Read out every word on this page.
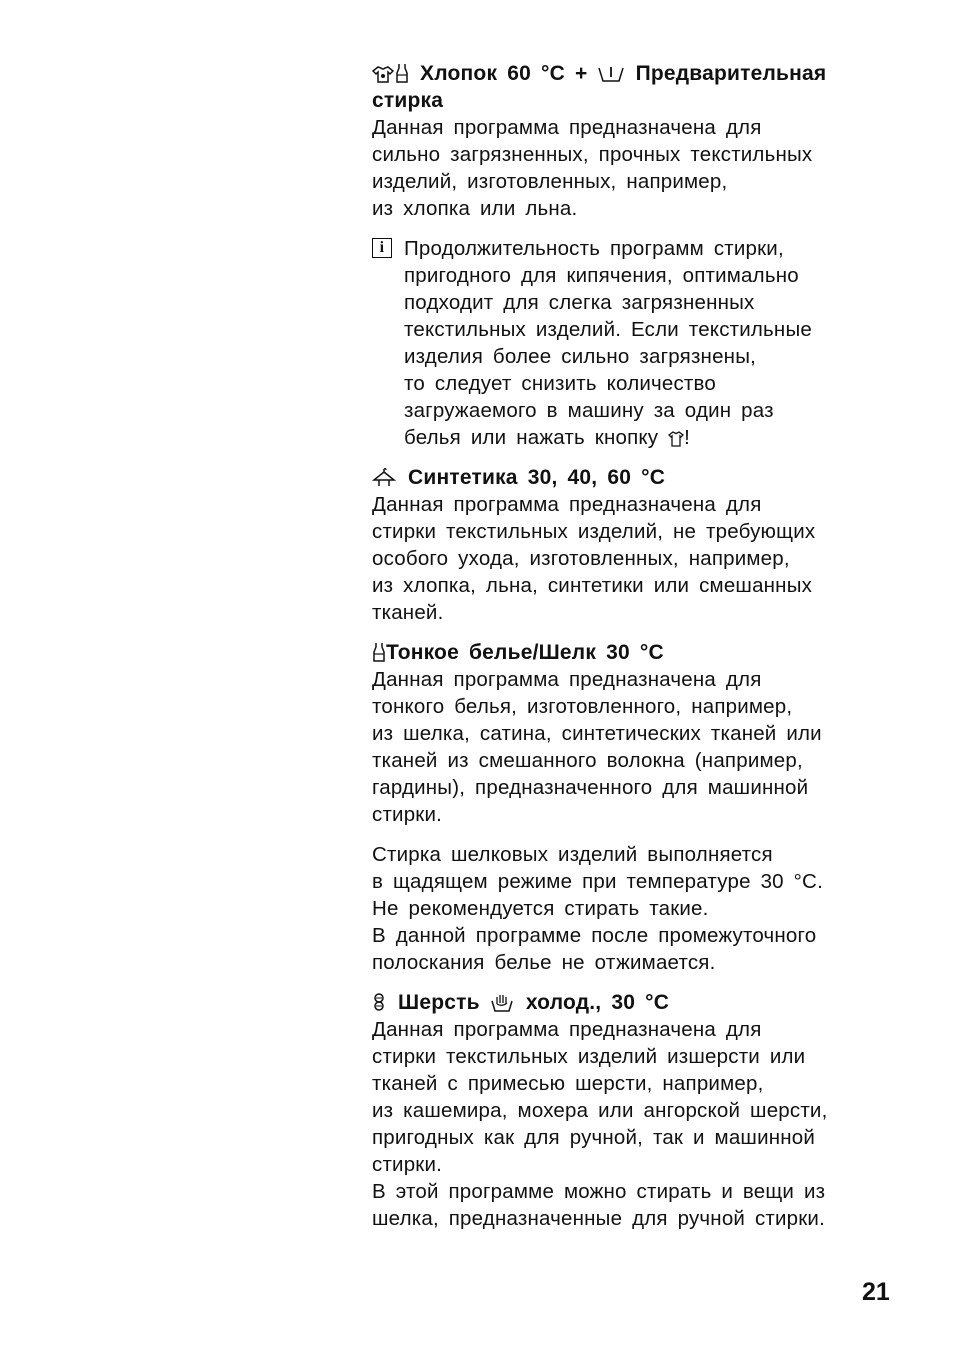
Хлопок 60 °C + Предварительная
стирка
Данная программа предназначена для
сильно загрязненных, прочных текстильных
изделий, изготовленных, например,
из хлопка или льна.
i Продолжительность программ стирки,
пригодного для кипячения, оптимально
подходит для слегка загрязненных
текстильных изделий. Если текстильные
изделия более сильно загрязнены,
то следует снизить количество
загружаемого в машину за один раз
белья или нажать кнопку !
Синтетика 30, 40, 60 °C
Данная программа предназначена для
стирки текстильных изделий, не требующих
особого ухода, изготовленных, например,
из хлопка, льна, синтетики или смешанных
тканей.
Тонкое белье/Шелк 30 °C
Данная программа предназначена для
тонкого белья, изготовленного, например,
из шелка, сатина, синтетических тканей или
тканей из смешанного волокна (например,
гардины), предназначенного для машинной
стирки.
Стирка шелковых изделий выполняется
в щадящем режиме при температуре 30 °C.
Не рекомендуется стирать такие.
В данной программе после промежуточного
полоскания белье не отжимается.
Шерсть холод., 30 °C
Данная программа предназначена для
стирки текстильных изделий изшерсти или
тканей с примесью шерсти, например,
из кашемира, мохера или ангорской шерсти,
пригодных как для ручной, так и машинной
стирки.
В этой программе можно стирать и вещи из
шелка, предназначенные для ручной стирки.
21
